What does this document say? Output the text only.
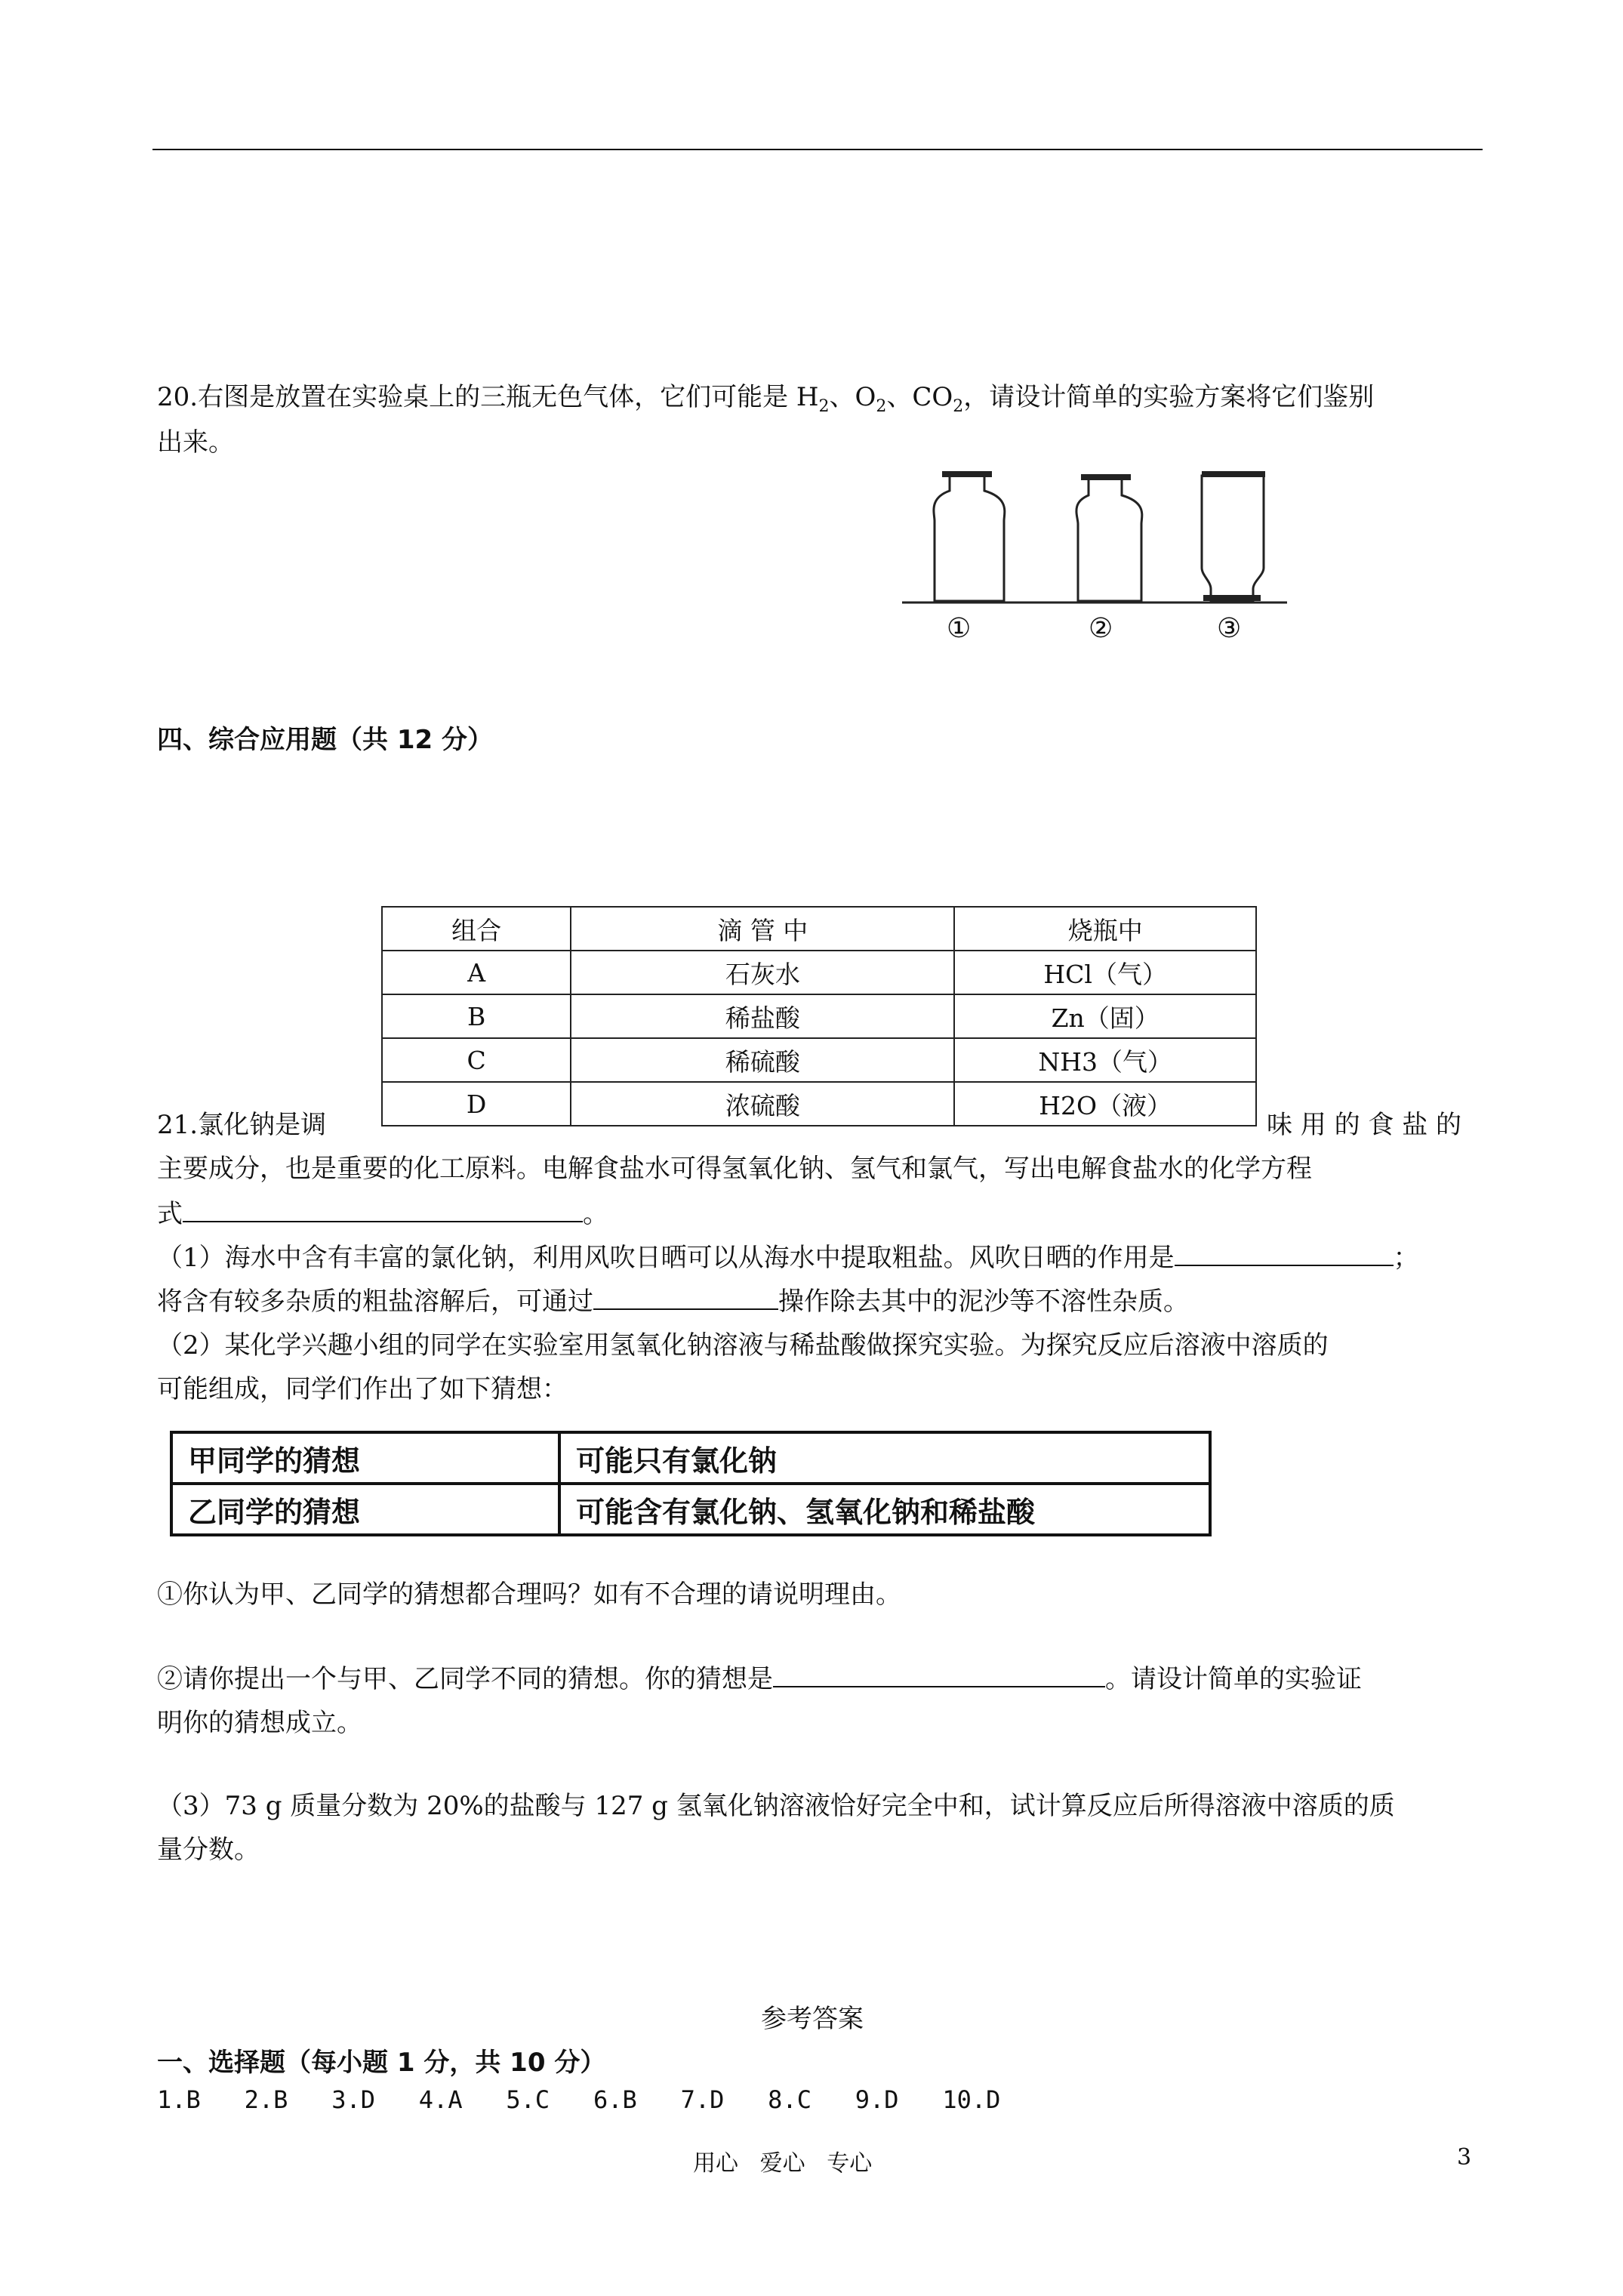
20.右图是放置在实验桌上的三瓶无色气体，它们可能是 $H_2$、$O_2$、$CO_2$，请设计简单的实验方案将它们鉴别
出来。
①	②	③
四、综合应用题（共 12 分）
组合	滴 管 中	烧瓶中
A	石灰水	HCl（气）
B	稀盐酸	Zn（固）
C	稀硫酸	NH3（气）
D	浓硫酸	H2O（液）
21.氯化钠是调	味 用 的 食 盐 的
主要成分，也是重要的化工原料。电解食盐水可得氢氧化钠、氢气和氯气，写出电解食盐水的化学方程
式	。
（1）海水中含有丰富的氯化钠，利用风吹日晒可以从海水中提取粗盐。风吹日晒的作用是	；
将含有较多杂质的粗盐溶解后，可通过	操作除去其中的泥沙等不溶性杂质。
（2）某化学兴趣小组的同学在实验室用氢氧化钠溶液与稀盐酸做探究实验。为探究反应后溶液中溶质的
可能组成，同学们作出了如下猜想：
甲同学的猜想	可能只有氯化钠
乙同学的猜想	可能含有氯化钠、氢氧化钠和稀盐酸
①你认为甲、乙同学的猜想都合理吗？如有不合理的请说明理由。
②请你提出一个与甲、乙同学不同的猜想。你的猜想是	。请设计简单的实验证
明你的猜想成立。
（3）73 g 质量分数为 20%的盐酸与 127 g 氢氧化钠溶液恰好完全中和，试计算反应后所得溶液中溶质的质
量分数。
参考答案
一、选择题（每小题 1 分，共 10 分）
1.B   2.B   3.D   4.A   5.C   6.B   7.D   8.C   9.D   10.D
用心   爱心   专心	3
